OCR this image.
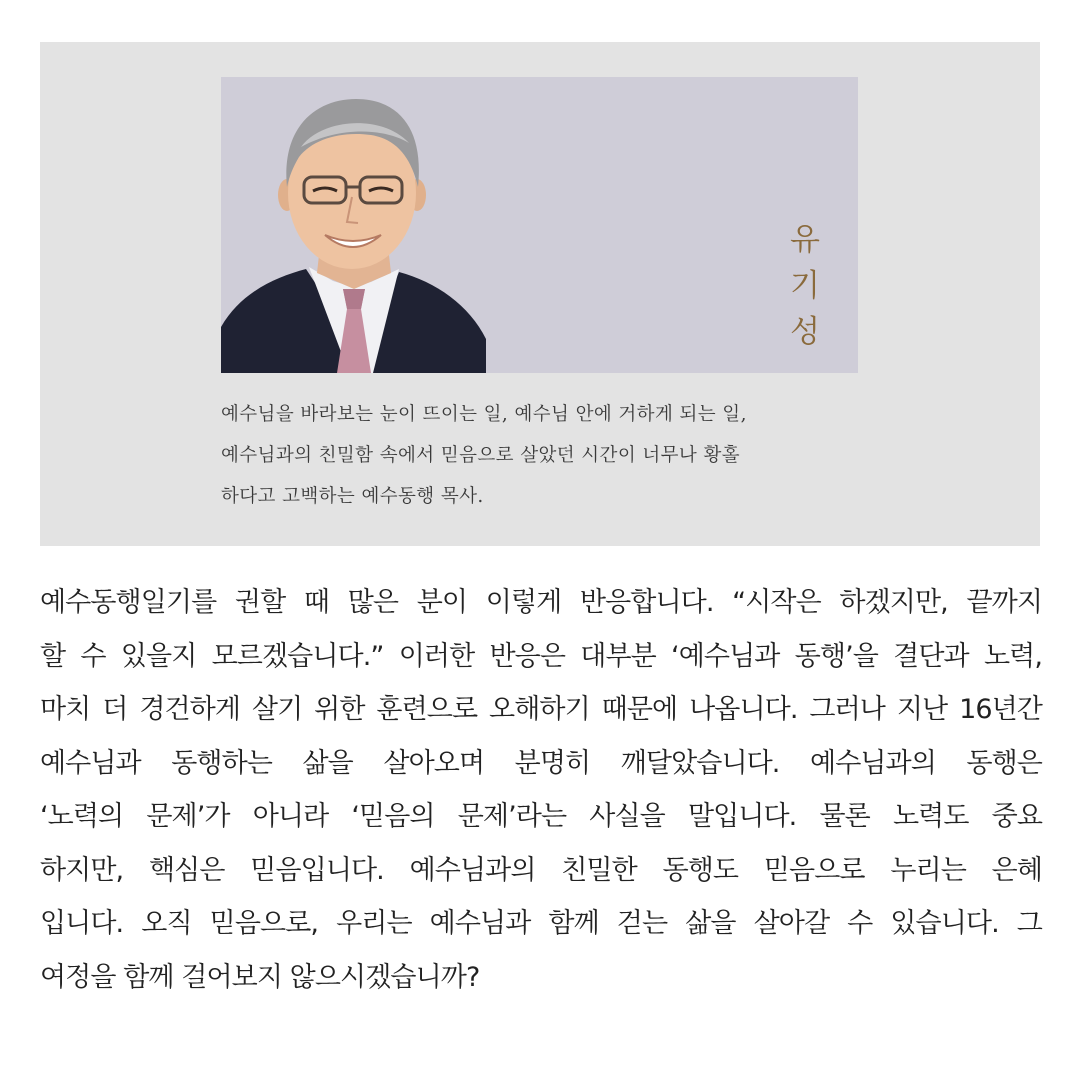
유
기
성
예수님을 바라보는 눈이 뜨이는 일, 예수님 안에 거하게 되는 일,
예수님과의 친밀함 속에서 믿음으로 살았던 시간이 너무나 황홀
하다고 고백하는 예수동행 목사.
예수동행일기를 권할 때 많은 분이 이렇게 반응합니다. “시작은 하겠지만, 끝까지
할 수 있을지 모르겠습니다.” 이러한 반응은 대부분 ‘예수님과 동행’을 결단과 노력,
마치 더 경건하게 살기 위한 훈련으로 오해하기 때문에 나옵니다. 그러나 지난 16년간
예수님과 동행하는 삶을 살아오며 분명히 깨달았습니다. 예수님과의 동행은
‘노력의 문제’가 아니라 ‘믿음의 문제’라는 사실을 말입니다. 물론 노력도 중요
하지만, 핵심은 믿음입니다. 예수님과의 친밀한 동행도 믿음으로 누리는 은혜
입니다. 오직 믿음으로, 우리는 예수님과 함께 걷는 삶을 살아갈 수 있습니다. 그
여정을 함께 걸어보지 않으시겠습니까?
